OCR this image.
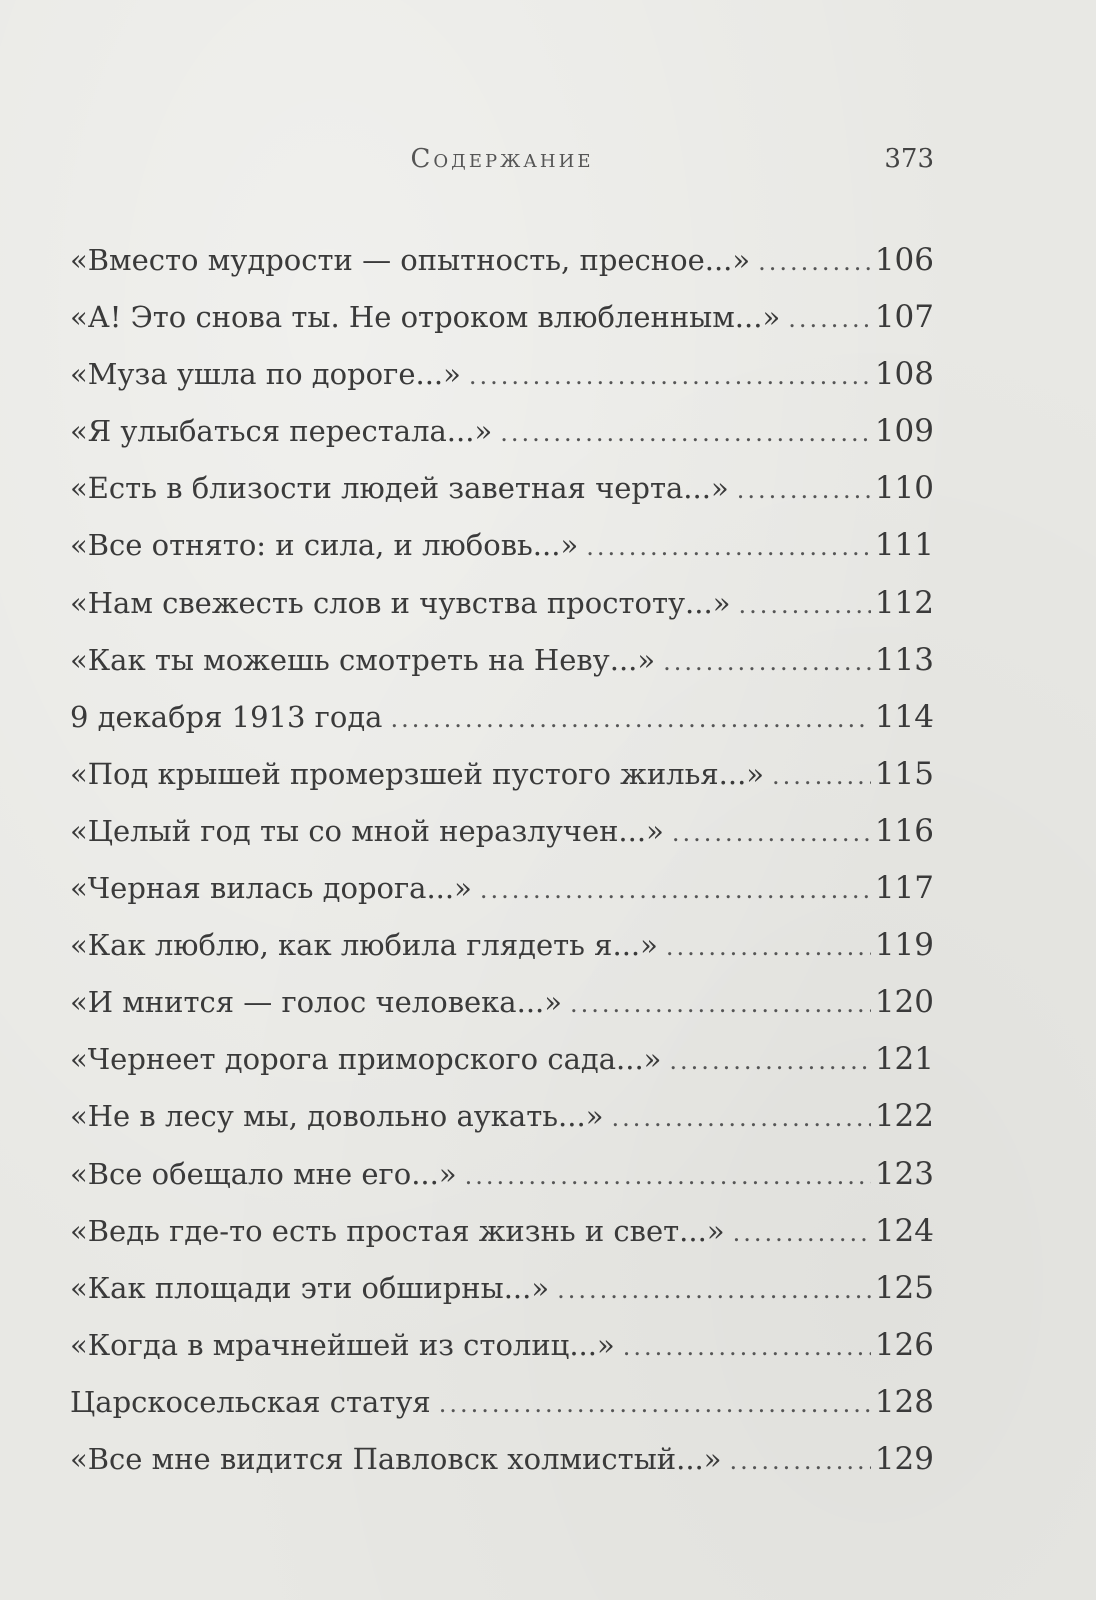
Содержание	373
«Вместо мудрости — опытность, пресное...» .....	106
«А! Это снова ты. Не отроком влюбленным...» .....	107
«Муза ушла по дороге...» .....	108
«Я улыбаться перестала...» .....	109
«Есть в близости людей заветная черта...» .....	110
«Все отнято: и сила, и любовь...» .....	111
«Нам свежесть слов и чувства простоту...» .....	112
«Как ты можешь смотреть на Неву...» .....	113
9 декабря 1913 года .....	114
«Под крышей промерзшей пустого жилья...» .....	115
«Целый год ты со мной неразлучен...» .....	116
«Черная вилась дорога...» .....	117
«Как люблю, как любила глядеть я...» .....	119
«И мнится — голос человека...» .....	120
«Чернеет дорога приморского сада...» .....	121
«Не в лесу мы, довольно аукать...» .....	122
«Все обещало мне его...» .....	123
«Ведь где-то есть простая жизнь и свет...» .....	124
«Как площади эти обширны...» .....	125
«Когда в мрачнейшей из столиц...» .....	126
Царскосельская статуя .....	128
«Все мне видится Павловск холмистый...» .....	129
